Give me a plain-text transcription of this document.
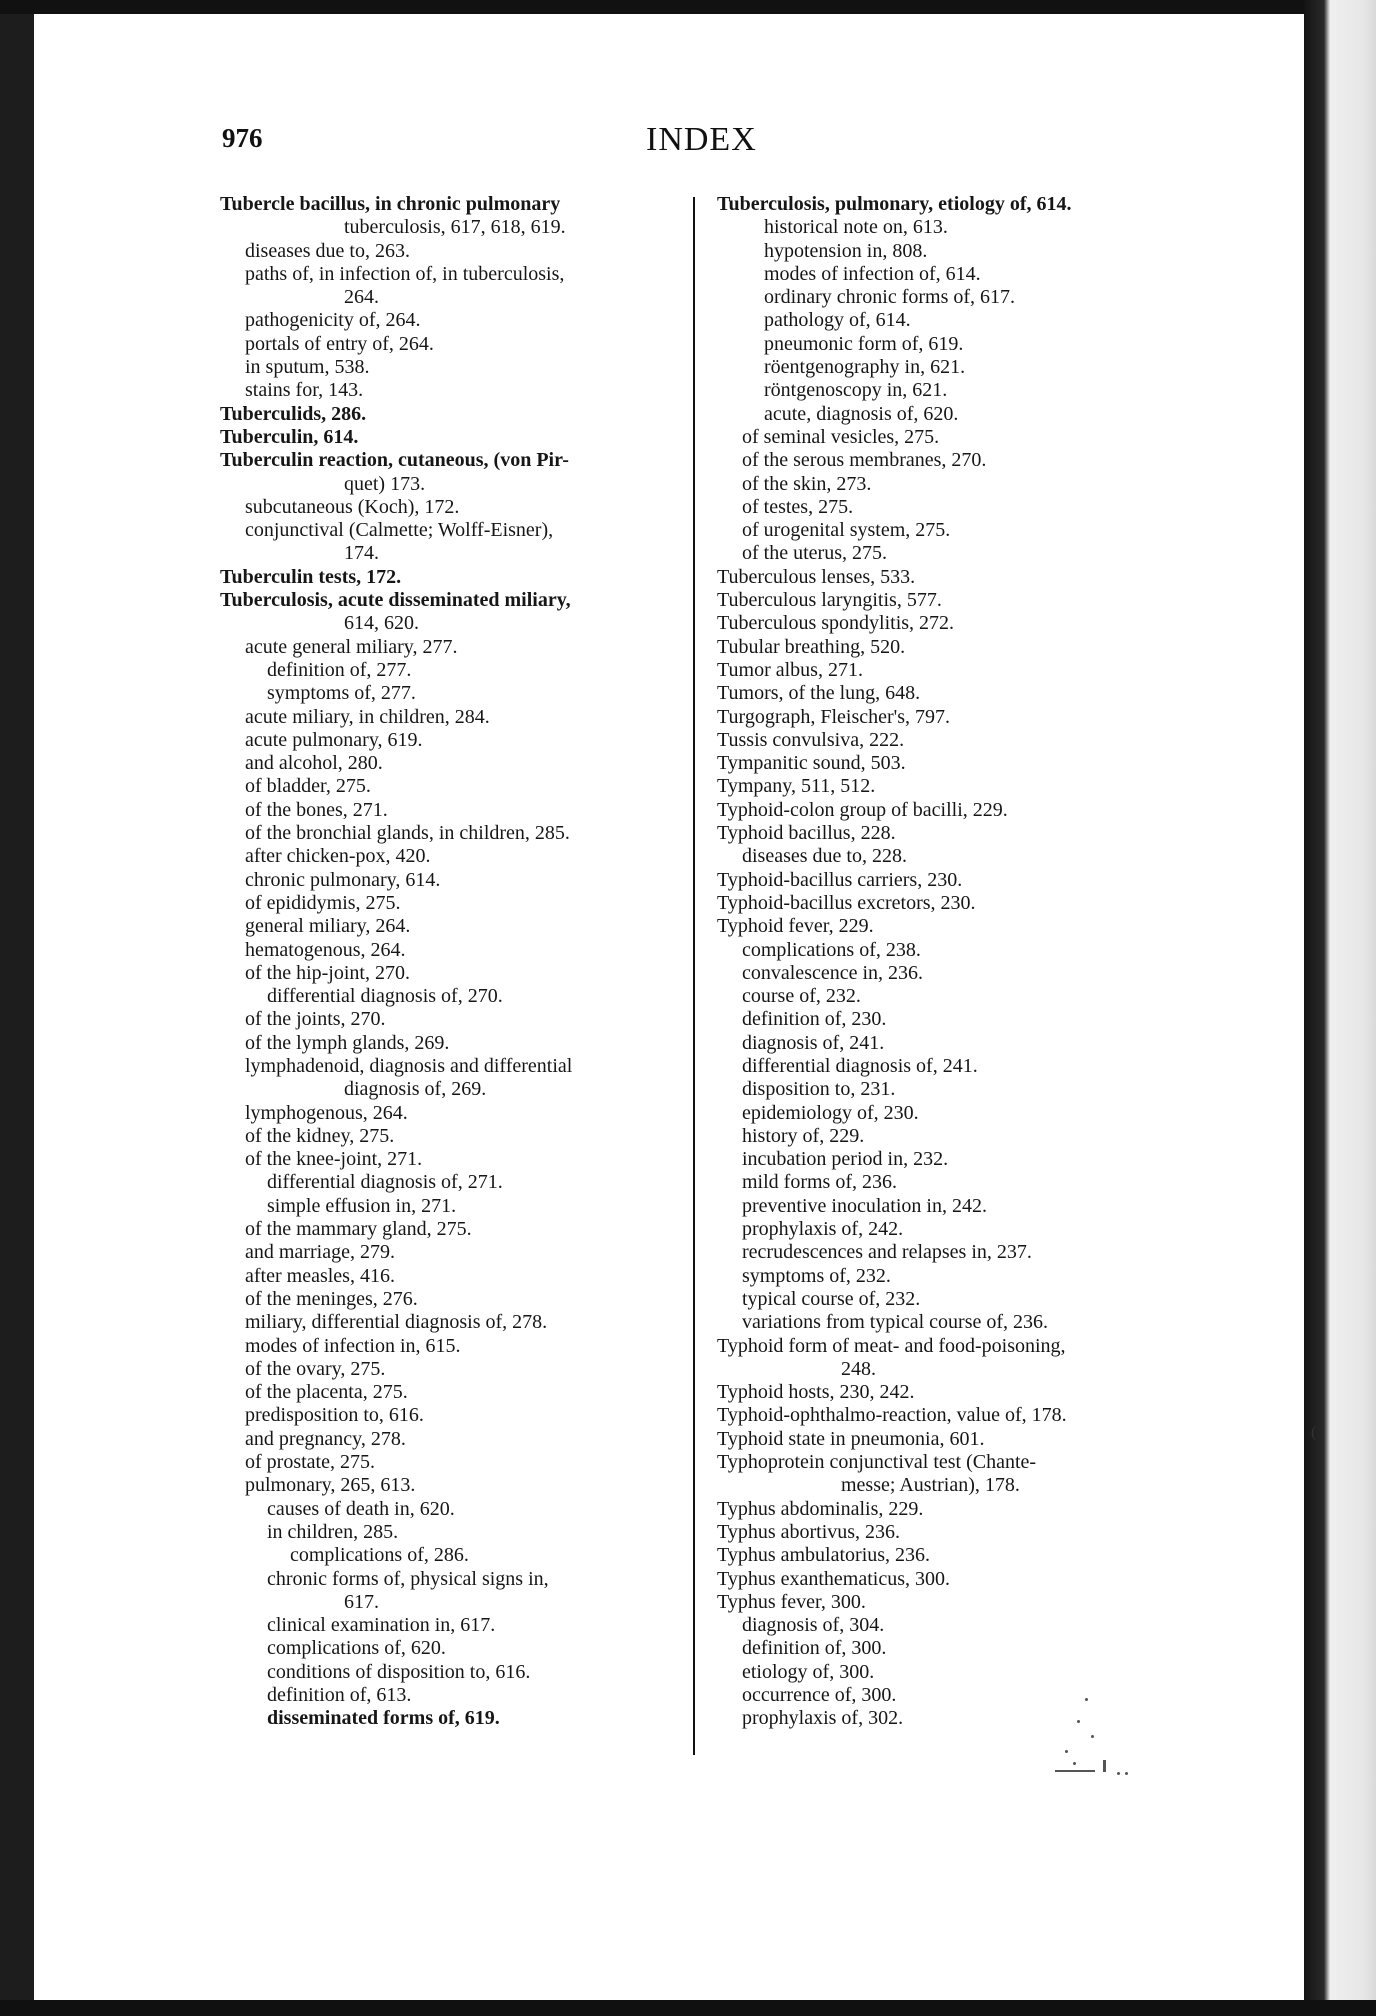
976	INDEX
Tubercle bacillus, in chronic pulmonary
tuberculosis, 617, 618, 619.
diseases due to, 263.
paths of, in infection of, in tuberculosis,
264.
pathogenicity of, 264.
portals of entry of, 264.
in sputum, 538.
stains for, 143.
Tuberculids, 286.
Tuberculin, 614.
Tuberculin reaction, cutaneous, (von Pir-
quet) 173.
subcutaneous (Koch), 172.
conjunctival (Calmette; Wolff-Eisner),
174.
Tuberculin tests, 172.
Tuberculosis, acute disseminated miliary,
614, 620.
acute general miliary, 277.
definition of, 277.
symptoms of, 277.
acute miliary, in children, 284.
acute pulmonary, 619.
and alcohol, 280.
of bladder, 275.
of the bones, 271.
of the bronchial glands, in children, 285.
after chicken-pox, 420.
chronic pulmonary, 614.
of epididymis, 275.
general miliary, 264.
hematogenous, 264.
of the hip-joint, 270.
differential diagnosis of, 270.
of the joints, 270.
of the lymph glands, 269.
lymphadenoid, diagnosis and differential
diagnosis of, 269.
lymphogenous, 264.
of the kidney, 275.
of the knee-joint, 271.
differential diagnosis of, 271.
simple effusion in, 271.
of the mammary gland, 275.
and marriage, 279.
after measles, 416.
of the meninges, 276.
miliary, differential diagnosis of, 278.
modes of infection in, 615.
of the ovary, 275.
of the placenta, 275.
predisposition to, 616.
and pregnancy, 278.
of prostate, 275.
pulmonary, 265, 613.
causes of death in, 620.
in children, 285.
complications of, 286.
chronic forms of, physical signs in,
617.
clinical examination in, 617.
complications of, 620.
conditions of disposition to, 616.
definition of, 613.
disseminated forms of, 619.
Tuberculosis, pulmonary, etiology of, 614.
historical note on, 613.
hypotension in, 808.
modes of infection of, 614.
ordinary chronic forms of, 617.
pathology of, 614.
pneumonic form of, 619.
röentgenography in, 621.
röntgenoscopy in, 621.
acute, diagnosis of, 620.
of seminal vesicles, 275.
of the serous membranes, 270.
of the skin, 273.
of testes, 275.
of urogenital system, 275.
of the uterus, 275.
Tuberculous lenses, 533.
Tuberculous laryngitis, 577.
Tuberculous spondylitis, 272.
Tubular breathing, 520.
Tumor albus, 271.
Tumors, of the lung, 648.
Turgograph, Fleischer's, 797.
Tussis convulsiva, 222.
Tympanitic sound, 503.
Tympany, 511, 512.
Typhoid-colon group of bacilli, 229.
Typhoid bacillus, 228.
diseases due to, 228.
Typhoid-bacillus carriers, 230.
Typhoid-bacillus excretors, 230.
Typhoid fever, 229.
complications of, 238.
convalescence in, 236.
course of, 232.
definition of, 230.
diagnosis of, 241.
differential diagnosis of, 241.
disposition to, 231.
epidemiology of, 230.
history of, 229.
incubation period in, 232.
mild forms of, 236.
preventive inoculation in, 242.
prophylaxis of, 242.
recrudescences and relapses in, 237.
symptoms of, 232.
typical course of, 232.
variations from typical course of, 236.
Typhoid form of meat- and food-poisoning,
248.
Typhoid hosts, 230, 242.
Typhoid-ophthalmo-reaction, value of, 178.
Typhoid state in pneumonia, 601.
Typhoprotein conjunctival test (Chante-
messe; Austrian), 178.
Typhus abdominalis, 229.
Typhus abortivus, 236.
Typhus ambulatorius, 236.
Typhus exanthematicus, 300.
Typhus fever, 300.
diagnosis of, 304.
definition of, 300.
etiology of, 300.
occurrence of, 300.
prophylaxis of, 302.
(
